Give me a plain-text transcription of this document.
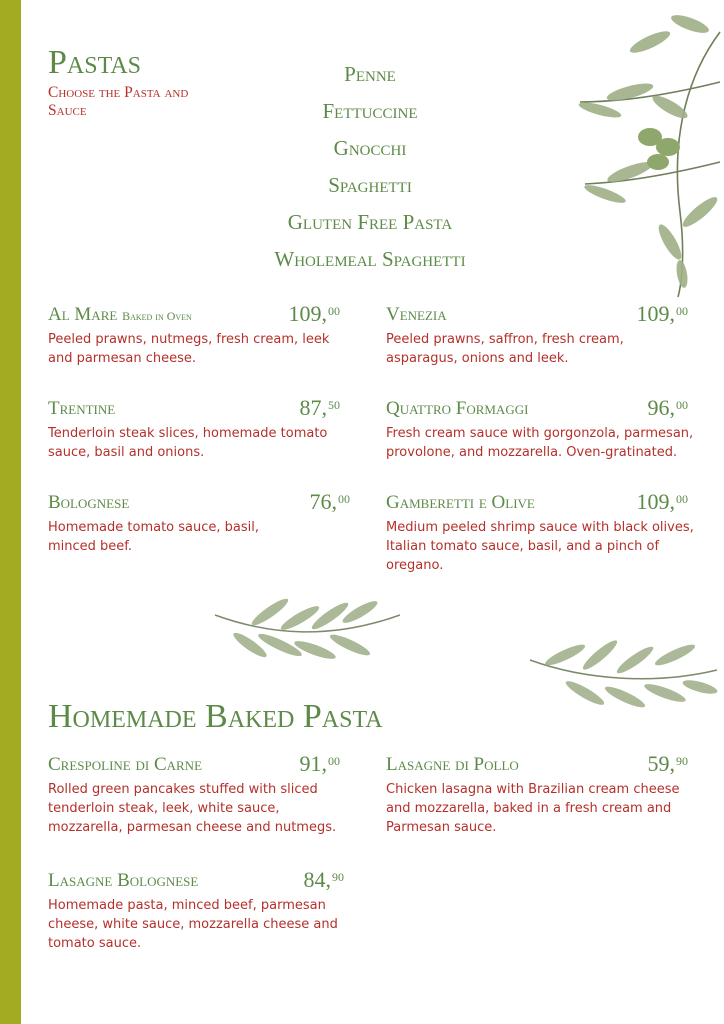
Pastas
Choose the Pasta and Sauce
Penne
Fettuccine
Gnocchi
Spaghetti
Gluten Free Pasta
Wholemeal Spaghetti
Al Mare Baked in Oven	109,00
Peeled prawns, nutmegs, fresh cream, leek and parmesan cheese.
Venezia	109,00
Peeled prawns, saffron, fresh cream, asparagus, onions and leek.
Trentine	87,50
Tenderloin steak slices, homemade tomato sauce, basil and onions.
Quattro Formaggi	96,00
Fresh cream sauce with gorgonzola, parmesan, provolone, and mozzarella. Oven-gratinated.
Bolognese	76,00
Homemade tomato sauce, basil, minced beef.
Gamberetti e Olive	109,00
Medium peeled shrimp sauce with black olives, Italian tomato sauce, basil, and a pinch of oregano.
Homemade Baked Pasta
Crespoline di Carne	91,00
Rolled green pancakes stuffed with sliced tenderloin steak, leek, white sauce, mozzarella, parmesan cheese and nutmegs.
Lasagne di Pollo	59,90
Chicken lasagna with Brazilian cream cheese and mozzarella, baked in a fresh cream and Parmesan sauce.
Lasagne Bolognese	84,90
Homemade pasta, minced beef, parmesan cheese, white sauce, mozzarella cheese and tomato sauce.
